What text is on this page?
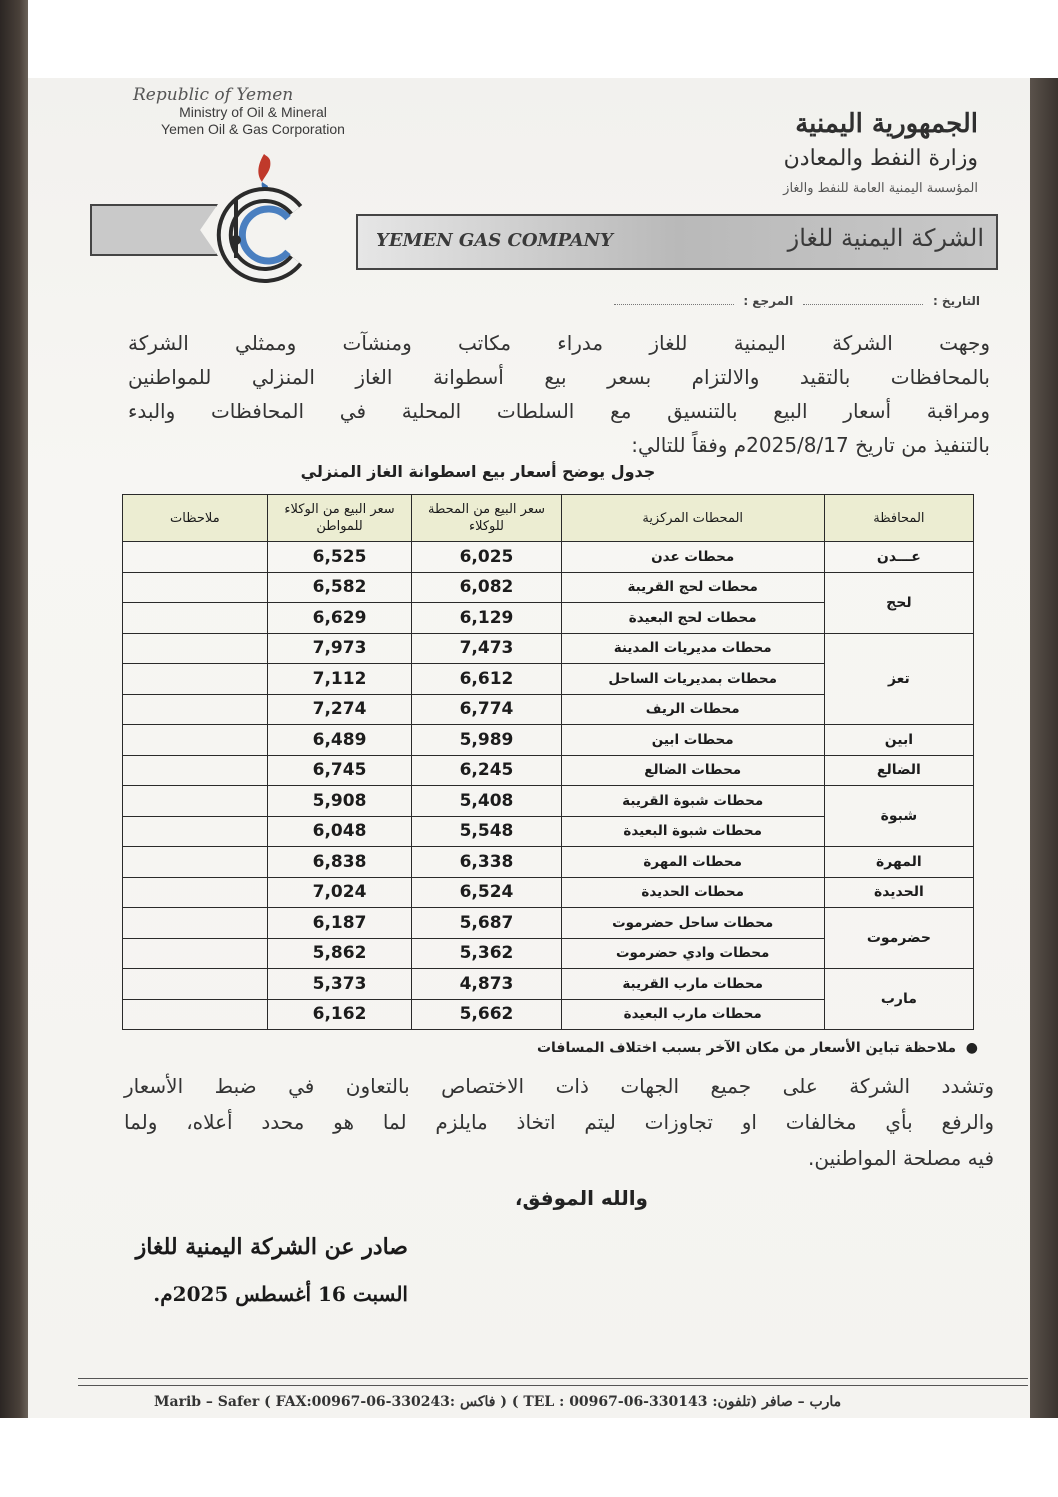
Republic of Yemen
Ministry of Oil & Mineral
Yemen Oil & Gas Corporation	الجمهورية اليمنية
وزارة النفط والمعادن
المؤسسة اليمنية العامة للنفط والغاز
YEMEN GAS COMPANY	الشركة اليمنية للغاز
التاريخ :  المرجع :
وجهت الشركة اليمنية للغاز مدراء مكاتب ومنشآت وممثلي الشركة
بالمحافظات بالتقيد والالتزام بسعر بيع أسطوانة الغاز المنزلي للمواطنين
ومراقبة أسعار البيع بالتنسيق مع السلطات المحلية في المحافظات والبدء
بالتنفيذ من تاريخ 2025/8/17م وفقاً للتالي:
جدول يوضح أسعار بيع اسطوانة الغاز المنزلي
المحافظة	المحطات المركزية	سعر البيع من المحطة للوكلاء	سعر البيع من الوكلاء للمواطن	ملاحظات
عـــدن	محطات عدن	6,025	6,525	
لحج	محطات لحج القريبة	6,082	6,582	
	محطات لحج البعيدة	6,129	6,629	
تعز	محطات مديريات المدينة	7,473	7,973	
	محطات بمديريات الساحل	6,612	7,112	
	محطات الريف	6,774	7,274	
ابين	محطات ابين	5,989	6,489	
الضالع	محطات الضالع	6,245	6,745	
شبوة	محطات شبوة القريبة	5,408	5,908	
	محطات شبوة البعيدة	5,548	6,048	
المهرة	محطات المهرة	6,338	6,838	
الحديدة	محطات الحديدة	6,524	7,024	
حضرموت	محطات ساحل حضرموت	5,687	6,187	
	محطات وادي حضرموت	5,362	5,862	
مارب	محطات مارب القريبة	4,873	5,373	
	محطات مارب البعيدة	5,662	6,162	
●  ملاحظة تباين الأسعار من مكان الآخر بسبب اختلاف المسافات
وتشدد الشركة على جميع الجهات ذات الاختصاص بالتعاون في ضبط الأسعار
والرفع بأي مخالفات او تجاوزات ليتم اتخاذ مايلزم لما هو محدد أعلاه، ولما
فيه مصلحة المواطنين.
والله الموفق،
صادر عن الشركة اليمنية للغاز
السبت 16 أغسطس 2025م.
Marib – Safer ( FAX:00967-06-330243: فاكس ) ( TEL : 00967-06-330143 :تلفون) مارب – صافر
